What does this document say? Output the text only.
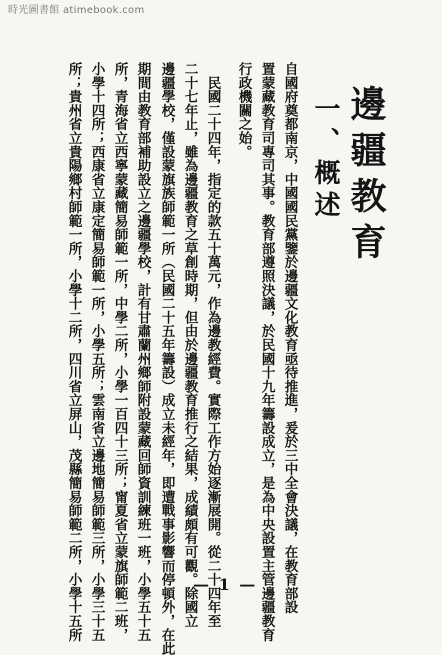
時光圖書館 atimebook.com
邊疆教育
一、概述
自國府奠都南京，中國國民黨鑒於邊疆文化教育亟待推進，爰於三中全會決議，在教育部設
置蒙藏教育司專司其事。教育部遵照決議，於民國十九年籌設成立，是為中央設置主管邊疆教育
行政機關之始。
　民國二十四年，指定的款五十萬元，作為邊教經費。實際工作方始逐漸展開。從二十四年至
二十七年止，雖為邊疆教育之草創時期，但由於邊疆教育推行之結果，成績頗有可觀。除國立
邊疆學校，僅設蒙旗族師範一所（民國二十五年籌設）成立未經年，即遭戰事影響而停頓外，在此
期間由教育部補助設立之邊疆學校，計有甘肅蘭州鄉師附設蒙藏回師資訓練班一班，小學五十五
所，青海省立西寧蒙藏簡易師範一所，中學二所，小學一百四十三所；甯夏省立蒙旗師範二班，
小學十四所；西康省立康定簡易師範一所，小學五所；雲南省立邊地簡易師範三所，小學三十五
所；貴州省立貴陽鄉村師範一所，小學十二所，四川省立屏山，茂縣簡易師範二所，小學十五所	— 1 —
